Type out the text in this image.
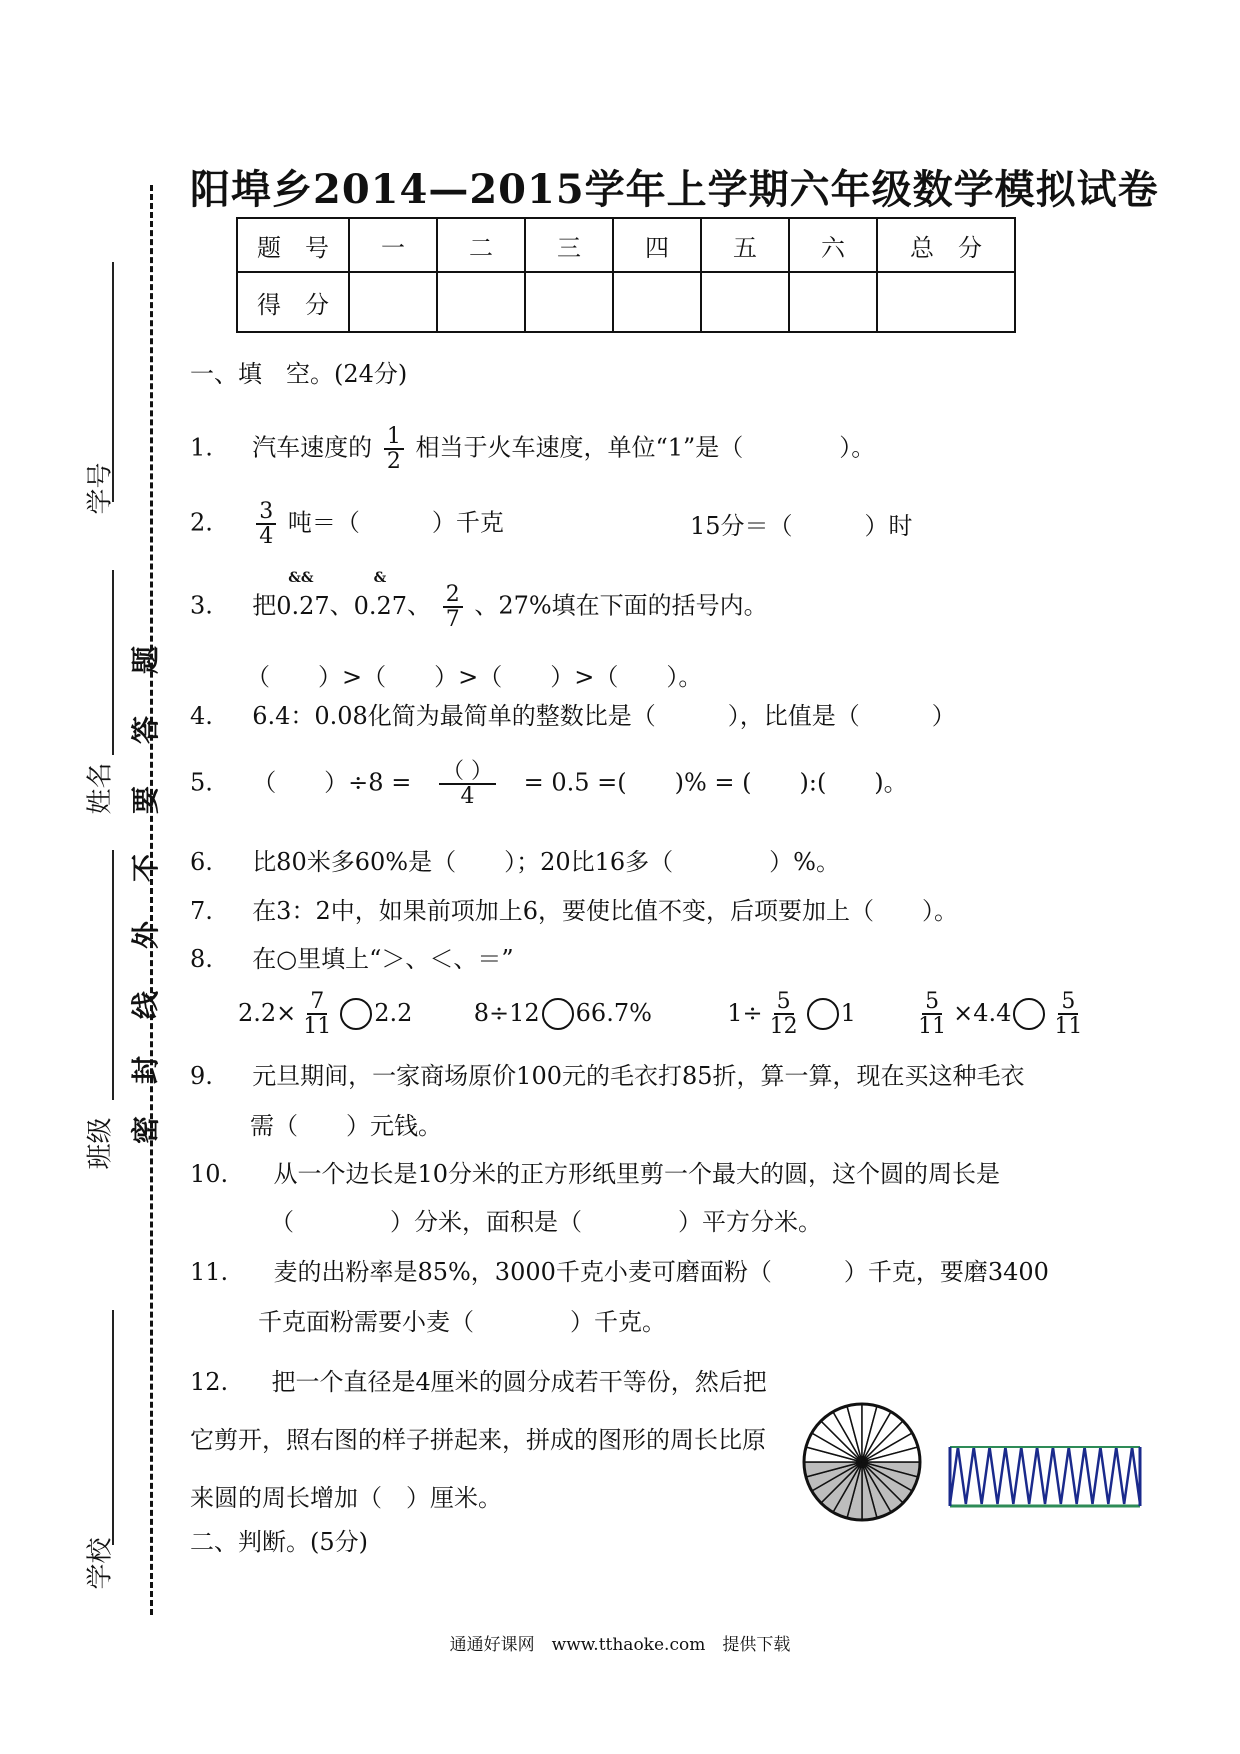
学号
姓名
班级
学校
题
答
要
不
外
线
封
密
阳埠乡2014—2015学年上学期六年级数学模拟试卷
题　号	一	二	三	四	五	六	总　分
得　分							
一、填　空。(24分)
1. 汽车速度的 $\frac{1}{2}$ 相当于火车速度，单位“1”是（　　　　）。
2. $\frac{3}{4}$ 吨＝（　　　）千克	15分＝（　　　）时
3. 把
&&
0.27、
&
0.27、 $\frac{2}{7}$ 、27%填在下面的括号内。
（　　）>（　　）>（　　）>（　　）。
4. 6.4：0.08化简为最简单的整数比是（　　　），比值是（　　　）
5. （　　）$\div 8 = \frac{( )}{4} = 0.5$ =(　　)% = (　　):(　　)。
6. 比80米多60%是（　　）；20比16多（　　　　）%。
7. 在3：2中，如果前项加上6，要使比值不变，后项要加上（　　）。
8. 在○里填上“＞、＜、＝”
$2.2\times \frac{7}{11} 2.2$	8÷12 66.7%	$1\div \frac{5}{12} 1$	$\frac{5}{11} \times 4.4 \frac{5}{11}$
9. 元旦期间，一家商场原价100元的毛衣打85折，算一算，现在买这种毛衣
需（　　）元钱。
10. 从一个边长是10分米的正方形纸里剪一个最大的圆，这个圆的周长是
（　　　　）分米，面积是（　　　　）平方分米。
11. 麦的出粉率是85%，3000千克小麦可磨面粉（　　　）千克，要磨3400
千克面粉需要小麦（　　　　）千克。
12. 把一个直径是4厘米的圆分成若干等份，然后把
它剪开，照右图的样子拼起来，拼成的图形的周长比原
来圆的周长增加（　）厘米。
二、判断。(5分)
通通好课网　www.tthaoke.com　提供下载
